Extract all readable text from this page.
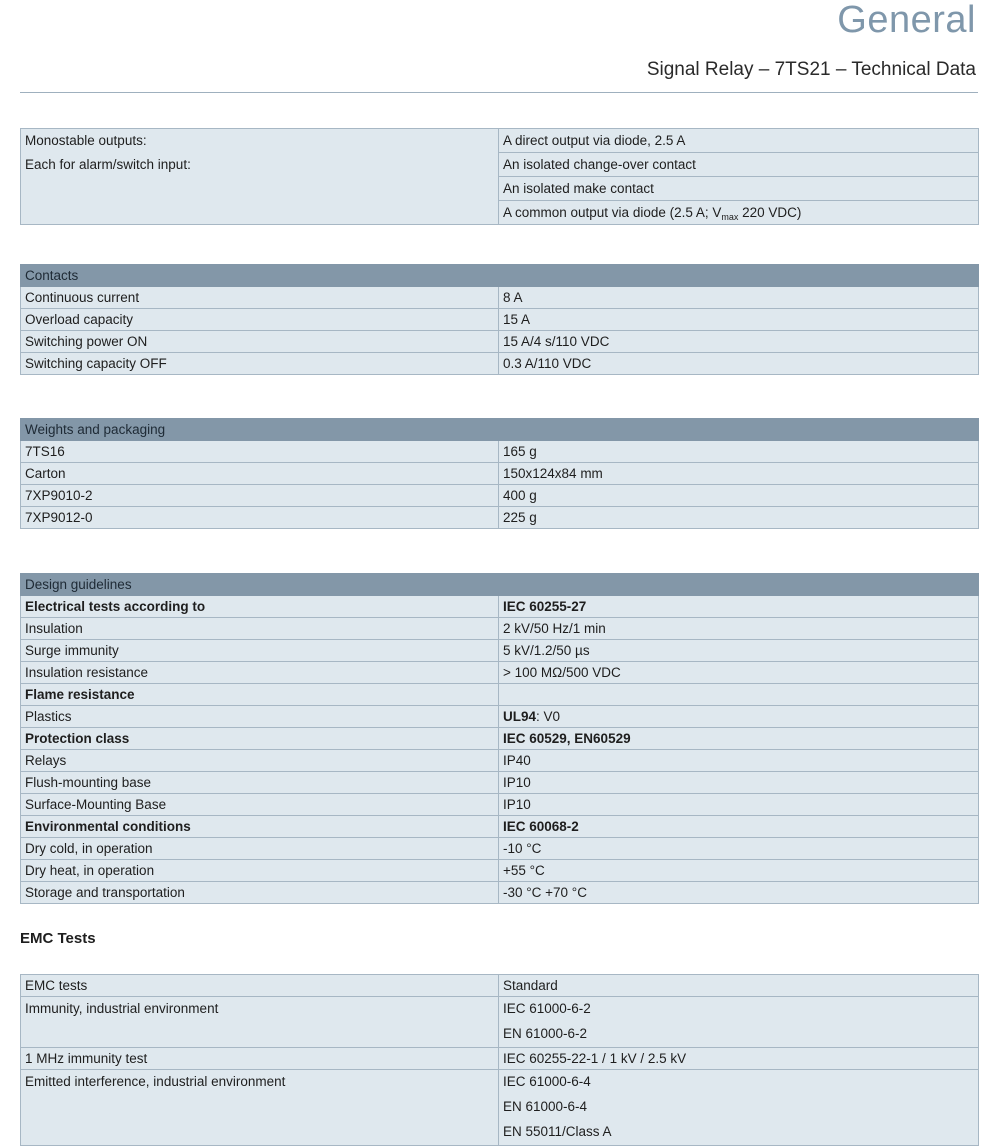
General
Signal Relay – 7TS21 – Technical Data
Monostable outputs:
Each for alarm/switch input:
	A direct output via diode, 2.5 A
An isolated change-over contact
An isolated make contact
A common output via diode (2.5 A; $V_{max}$ 220 VDC)
Contacts	
Continuous current	8 A
Overload capacity	15 A
Switching power ON	15 A/4 s/110 VDC
Switching capacity OFF	0.3 A/110 VDC
Weights and packaging	
7TS16	165 g
Carton	150x124x84 mm
7XP9010-2	400 g
7XP9012-0	225 g
Design guidelines	
Electrical tests according to	IEC 60255-27
Insulation	2 kV/50 Hz/1 min
Surge immunity	5 kV/1.2/50 µs
Insulation resistance	> 100 MΩ/500 VDC
Flame resistance	
Plastics	UL94: V0
Protection class	IEC 60529, EN60529
Relays	IP40
Flush-mounting base	IP10
Surface-Mounting Base	IP10
Environmental conditions	IEC 60068-2
Dry cold, in operation	-10 °C
Dry heat, in operation	+55 °C
Storage and transportation	-30 °C +70 °C
EMC Tests
EMC tests	Standard
Immunity, industrial environment	IEC 61000-6-2
EN 61000-6-2

1 MHz immunity test	IEC 60255-22-1 / 1 kV / 2.5 kV
Emitted interference, industrial environment	IEC 61000-6-4
EN 61000-6-4
EN 55011/Class A
